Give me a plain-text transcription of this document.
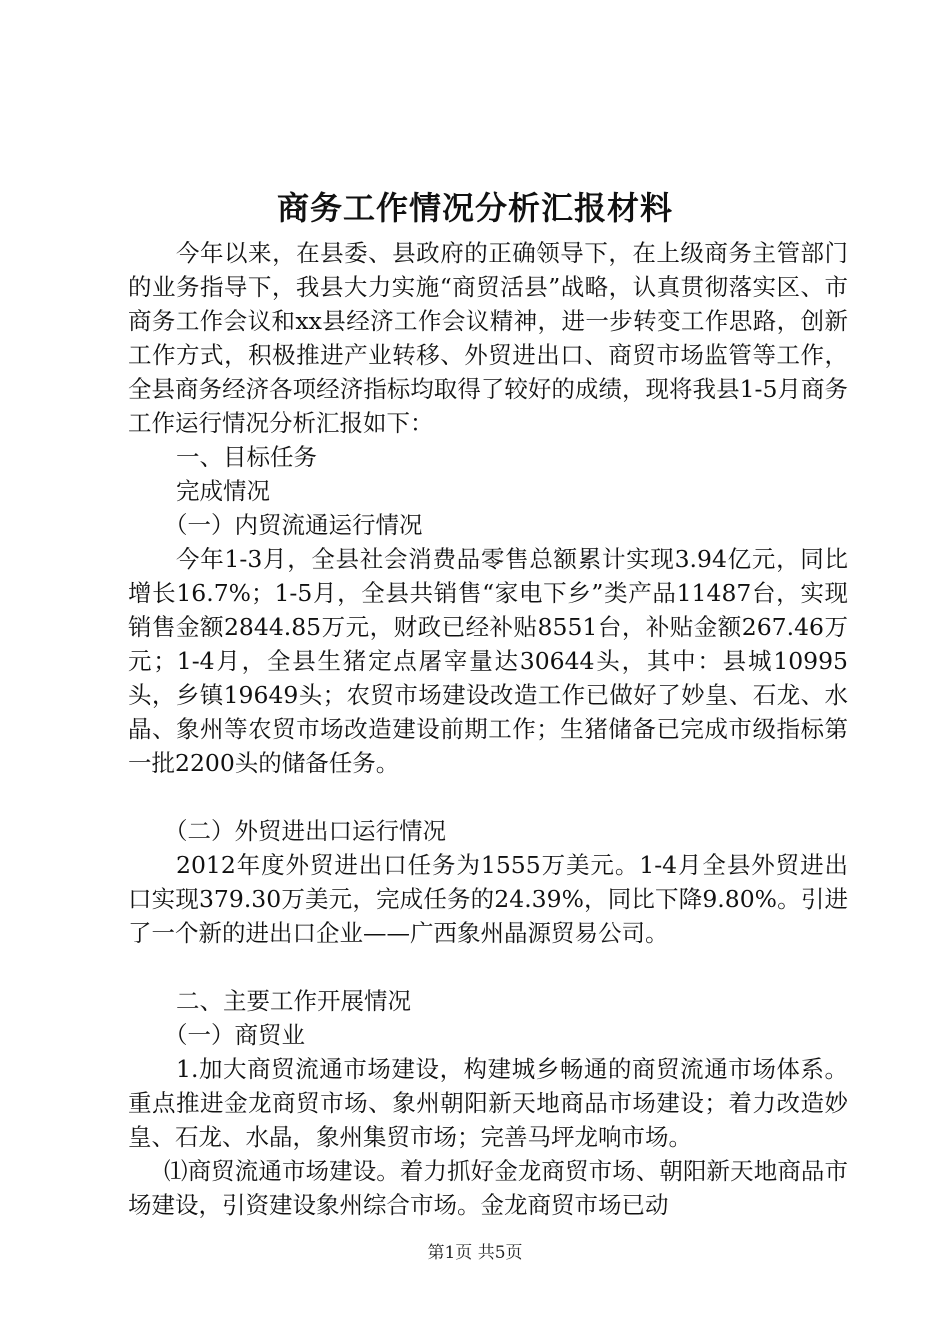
商务工作情况分析汇报材料

今年以来，在县委、县政府的正确领导下，在上级商务主管部门的业务指导下，我县大力实施“商贸活县”战略，认真贯彻落实区、市商务工作会议和xx县经济工作会议精神，进一步转变工作思路，创新工作方式，积极推进产业转移、外贸进出口、商贸市场监管等工作，全县商务经济各项经济指标均取得了较好的成绩，现将我县1-5月商务工作运行情况分析汇报如下：

一、目标任务

完成情况

（一）内贸流通运行情况

今年1-3月，全县社会消费品零售总额累计实现3.94亿元，同比增长16.7%；1-5月，全县共销售“家电下乡”类产品11487台，实现销售金额2844.85万元，财政已经补贴8551台，补贴金额267.46万元；1-4月，全县生猪定点屠宰量达30644头，其中：县城10995头，乡镇19649头；农贸市场建设改造工作已做好了妙皇、石龙、水晶、象州等农贸市场改造建设前期工作；生猪储备已完成市级指标第一批2200头的储备任务。

（二）外贸进出口运行情况

2012年度外贸进出口任务为1555万美元。1-4月全县外贸进出口实现379.30万美元，完成任务的24.39%，同比下降9.80%。引进了一个新的进出口企业——广西象州晶源贸易公司。

二、主要工作开展情况

（一）商贸业

1.加大商贸流通市场建设，构建城乡畅通的商贸流通市场体系。重点推进金龙商贸市场、象州朝阳新天地商品市场建设；着力改造妙皇、石龙、水晶，象州集贸市场；完善马坪龙响市场。

⑴商贸流通市场建设。着力抓好金龙商贸市场、朝阳新天地商品市场建设，引资建设象州综合市场。金龙商贸市场已动

第1页 共5页
